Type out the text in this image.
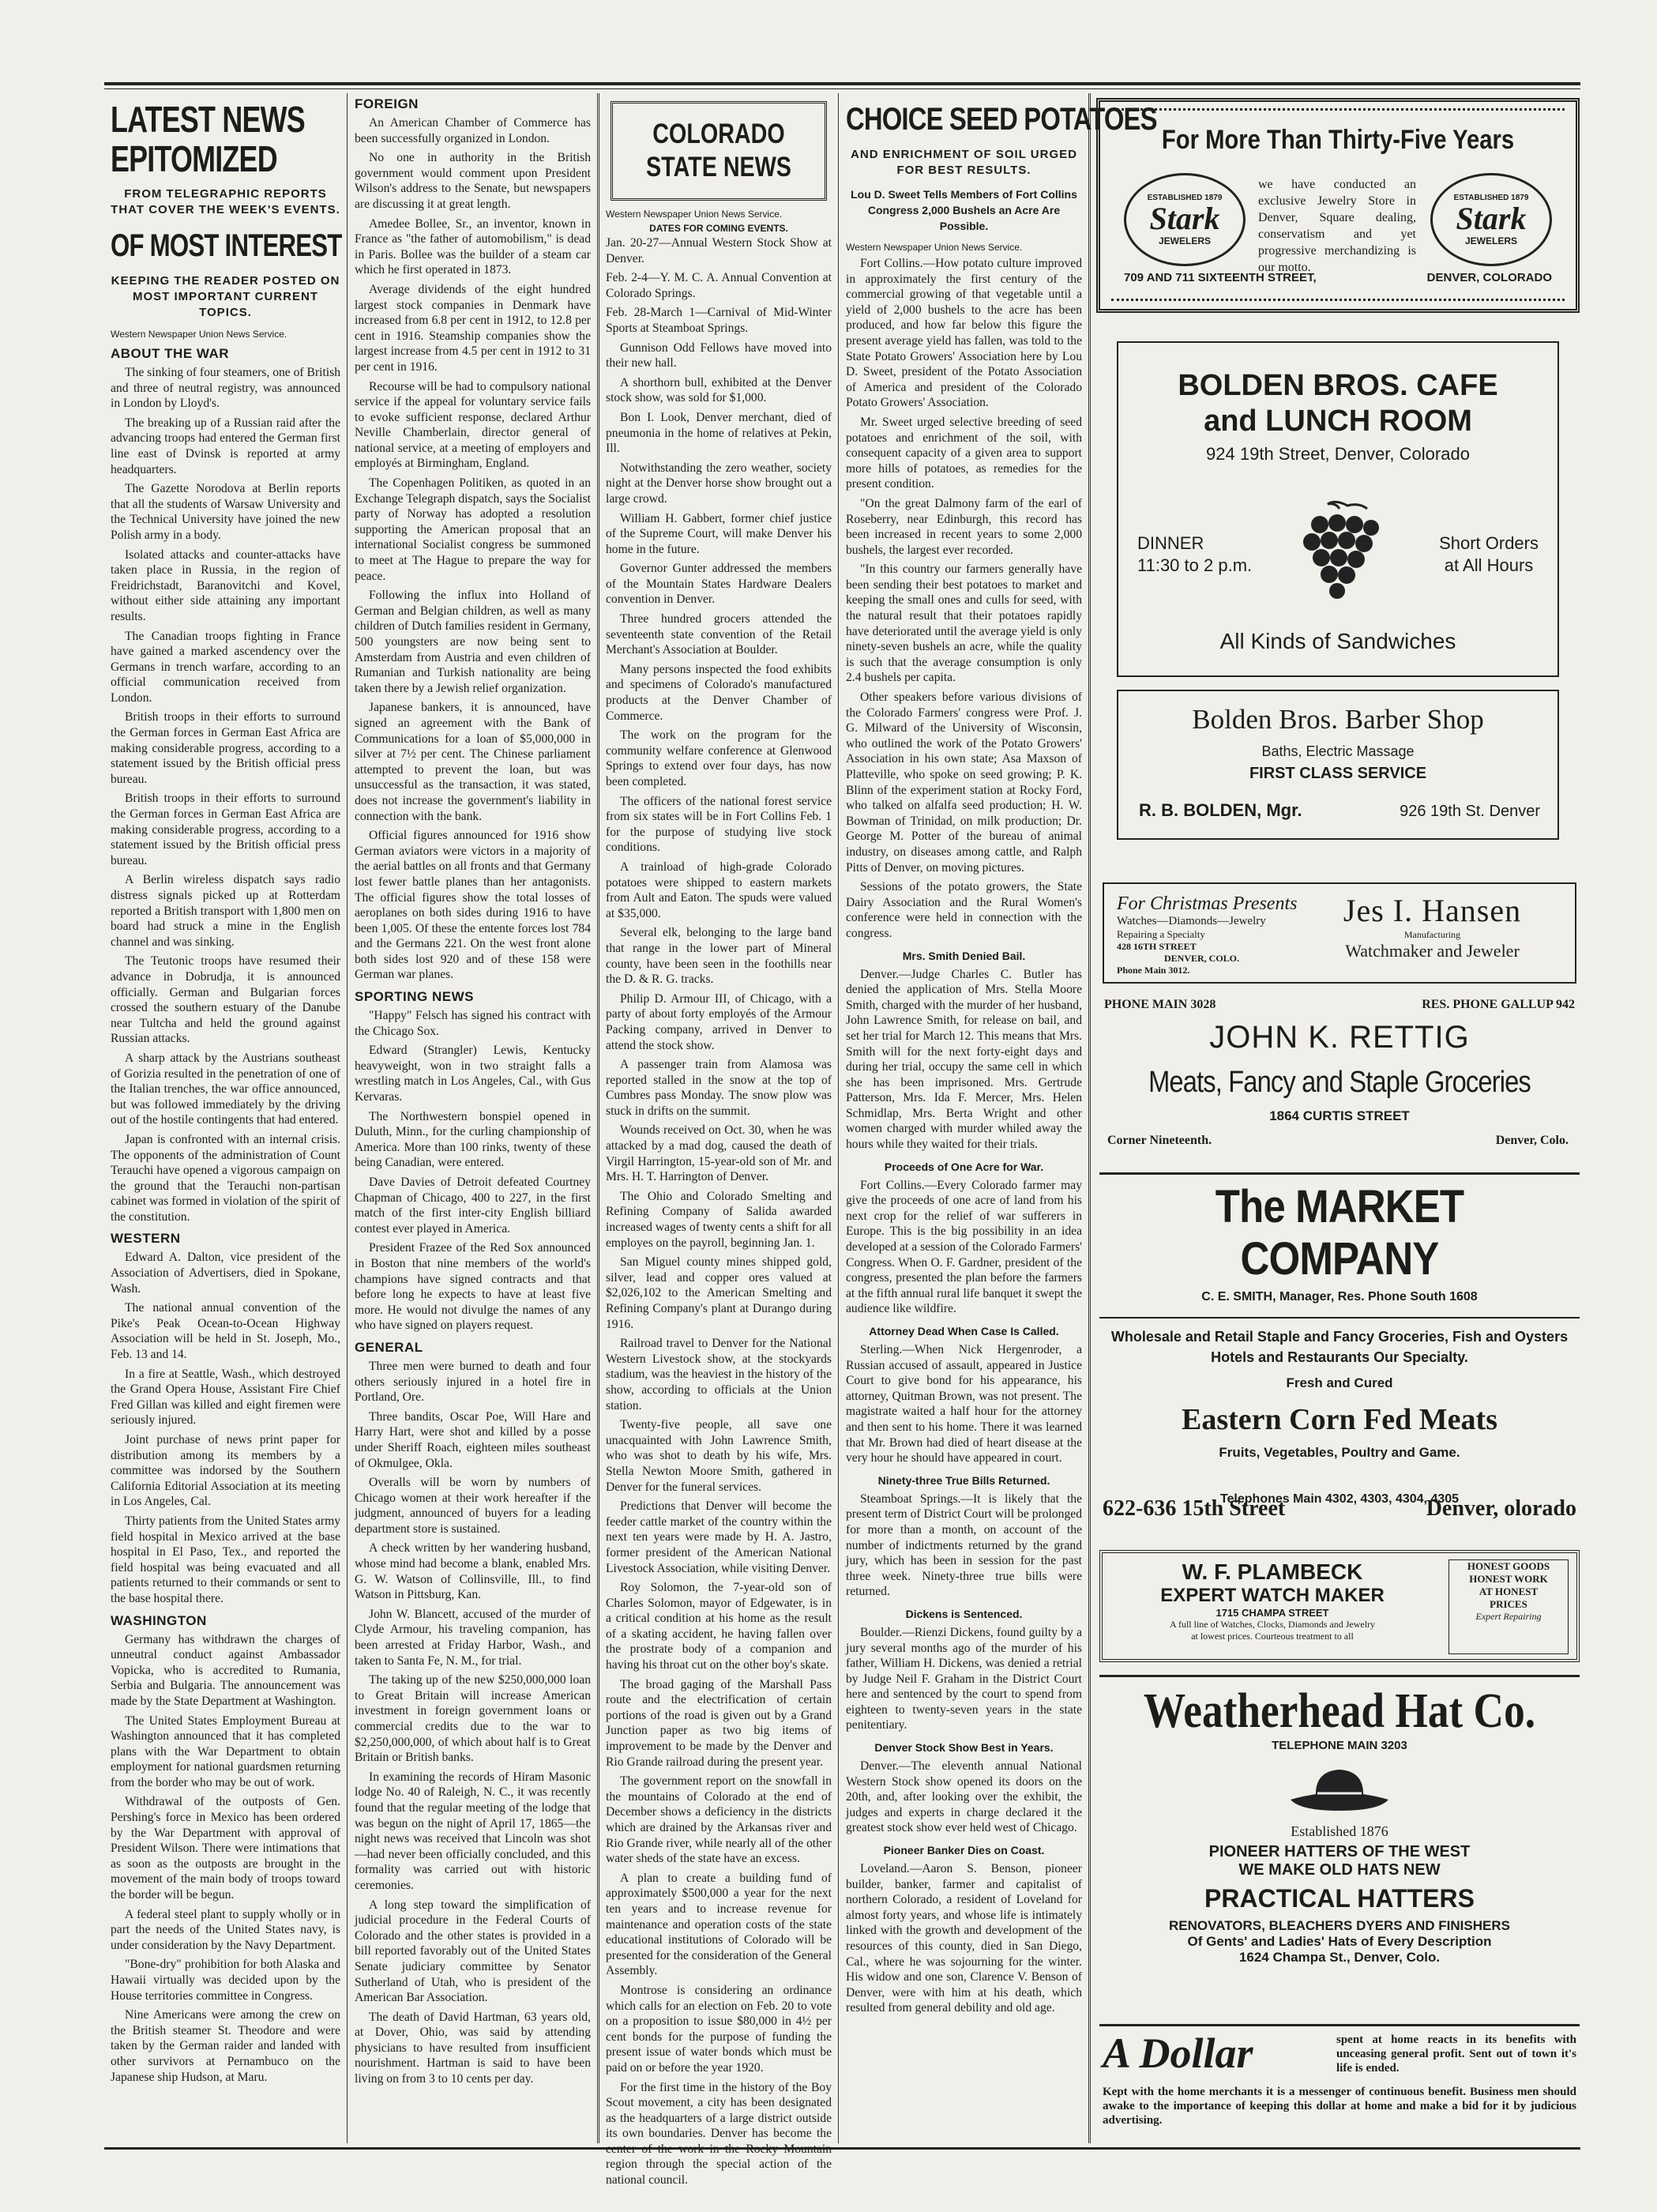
LATEST NEWS EPITOMIZED
FROM TELEGRAPHIC REPORTS THAT COVER THE WEEK'S EVENTS.
OF MOST INTEREST
KEEPING THE READER POSTED ON MOST IMPORTANT CURRENT TOPICS.
Western Newspaper Union News Service.
ABOUT THE WAR

The sinking of four steamers, one of British and three of neutral registry, was announced in London by Lloyd's.

The breaking up of a Russian raid after the advancing troops had entered the German first line east of Dvinsk is reported at army headquarters.

The Gazette Norodova at Berlin reports that all the students of Warsaw University and the Technical University have joined the new Polish army in a body.

Isolated attacks and counter-attacks have taken place in Russia, in the region of Freidrichstadt, Baranovitchi and Kovel, without either side attaining any important results.

The Canadian troops fighting in France have gained a marked ascendency over the Germans in trench warfare, according to an official communication received from London.

British troops in their efforts to surround the German forces in German East Africa are making considerable progress, according to a statement issued by the British official press bureau.

British troops in their efforts to surround the German forces in German East Africa are making considerable progress, according to a statement issued by the British official press bureau.

A Berlin wireless dispatch says radio distress signals picked up at Rotterdam reported a British transport with 1,800 men on board had struck a mine in the English channel and was sinking.

The Teutonic troops have resumed their advance in Dobrudja, it is announced officially. German and Bulgarian forces crossed the southern estuary of the Danube near Tultcha and held the ground against Russian attacks.

A sharp attack by the Austrians southeast of Gorizia resulted in the penetration of one of the Italian trenches, the war office announced, but was followed immediately by the driving out of the hostile contingents that had entered.

Japan is confronted with an internal crisis. The opponents of the administration of Count Terauchi have opened a vigorous campaign on the ground that the Terauchi non-partisan cabinet was formed in violation of the spirit of the constitution.

WESTERN

Edward A. Dalton, vice president of the Association of Advertisers, died in Spokane, Wash.

The national annual convention of the Pike's Peak Ocean-to-Ocean Highway Association will be held in St. Joseph, Mo., Feb. 13 and 14.

In a fire at Seattle, Wash., which destroyed the Grand Opera House, Assistant Fire Chief Fred Gillan was killed and eight firemen were seriously injured.

Joint purchase of news print paper for distribution among its members by a committee was indorsed by the Southern California Editorial Association at its meeting in Los Angeles, Cal.

Thirty patients from the United States army field hospital in Mexico arrived at the base hospital in El Paso, Tex., and reported the field hospital was being evacuated and all patients returned to their commands or sent to the base hospital there.

WASHINGTON

Germany has withdrawn the charges of unneutral conduct against Ambassador Vopicka, who is accredited to Rumania, Serbia and Bulgaria. The announcement was made by the State Department at Washington.

The United States Employment Bureau at Washington announced that it has completed plans with the War Department to obtain employment for national guardsmen returning from the border who may be out of work.

Withdrawal of the outposts of Gen. Pershing's force in Mexico has been ordered by the War Department with approval of President Wilson. There were intimations that as soon as the outposts are brought in the movement of the main body of troops toward the border will be begun.

A federal steel plant to supply wholly or in part the needs of the United States navy, is under consideration by the Navy Department.

"Bone-dry" prohibition for both Alaska and Hawaii virtually was decided upon by the House territories committee in Congress.

Nine Americans were among the crew on the British steamer St. Theodore and were taken by the German raider and landed with other survivors at Pernambuco on the Japanese ship Hudson, at Maru.

FOREIGN

An American Chamber of Commerce has been successfully organized in London.

No one in authority in the British government would comment upon President Wilson's address to the Senate, but newspapers are discussing it at great length.

Amedee Bollee, Sr., an inventor, known in France as "the father of automobilism," is dead in Paris. Bollee was the builder of a steam car which he first operated in 1873.

Average dividends of the eight hundred largest stock companies in Denmark have increased from 6.8 per cent in 1912, to 12.8 per cent in 1916. Steamship companies show the largest increase from 4.5 per cent in 1912 to 31 per cent in 1916.

Recourse will be had to compulsory national service if the appeal for voluntary service fails to evoke sufficient response, declared Arthur Neville Chamberlain, director general of national service, at a meeting of employers and employés at Birmingham, England.

The Copenhagen Politiken, as quoted in an Exchange Telegraph dispatch, says the Socialist party of Norway has adopted a resolution supporting the American proposal that an international Socialist congress be summoned to meet at The Hague to prepare the way for peace.

Following the influx into Holland of German and Belgian children, as well as many children of Dutch families resident in Germany, 500 youngsters are now being sent to Amsterdam from Austria and even children of Rumanian and Turkish nationality are being taken there by a Jewish relief organization.

Japanese bankers, it is announced, have signed an agreement with the Bank of Communications for a loan of $5,000,000 in silver at 7½ per cent. The Chinese parliament attempted to prevent the loan, but was unsuccessful as the transaction, it was stated, does not increase the government's liability in connection with the bank.

Official figures announced for 1916 show German aviators were victors in a majority of the aerial battles on all fronts and that Germany lost fewer battle planes than her antagonists. The official figures show the total losses of aeroplanes on both sides during 1916 to have been 1,005. Of these the entente forces lost 784 and the Germans 221. On the west front alone both sides lost 920 and of these 158 were German war planes.

SPORTING NEWS

"Happy" Felsch has signed his contract with the Chicago Sox.

Edward (Strangler) Lewis, Kentucky heavyweight, won in two straight falls a wrestling match in Los Angeles, Cal., with Gus Kervaras.

The Northwestern bonspiel opened in Duluth, Minn., for the curling championship of America. More than 100 rinks, twenty of these being Canadian, were entered.

Dave Davies of Detroit defeated Courtney Chapman of Chicago, 400 to 227, in the first match of the first inter-city English billiard contest ever played in America.

President Frazee of the Red Sox announced in Boston that nine members of the world's champions have signed contracts and that before long he expects to have at least five more. He would not divulge the names of any who have signed on players request.

GENERAL

Three men were burned to death and four others seriously injured in a hotel fire in Portland, Ore.

Three bandits, Oscar Poe, Will Hare and Harry Hart, were shot and killed by a posse under Sheriff Roach, eighteen miles southeast of Okmulgee, Okla.

Overalls will be worn by numbers of Chicago women at their work hereafter if the judgment, announced of buyers for a leading department store is sustained.

A check written by her wandering husband, whose mind had become a blank, enabled Mrs. G. W. Watson of Collinsville, Ill., to find Watson in Pittsburg, Kan.

John W. Blancett, accused of the murder of Clyde Armour, his traveling companion, has been arrested at Friday Harbor, Wash., and taken to Santa Fe, N. M., for trial.

The taking up of the new $250,000,000 loan to Great Britain will increase American investment in foreign government loans or commercial credits due to the war to $2,250,000,000, of which about half is to Great Britain or British banks.

In examining the records of Hiram Masonic lodge No. 40 of Raleigh, N. C., it was recently found that the regular meeting of the lodge that was begun on the night of April 17, 1865—the night news was received that Lincoln was shot—had never been officially concluded, and this formality was carried out with historic ceremonies.

A long step toward the simplification of judicial procedure in the Federal Courts of Colorado and the other states is provided in a bill reported favorably out of the United States Senate judiciary committee by Senator Sutherland of Utah, who is president of the American Bar Association.

The death of David Hartman, 63 years old, at Dover, Ohio, was said by attending physicians to have resulted from insufficient nourishment. Hartman is said to have been living on from 3 to 10 cents per day.

COLORADO
STATE NEWS
Western Newspaper Union News Service.
DATES FOR COMING EVENTS.

Jan. 20-27—Annual Western Stock Show at Denver.

Feb. 2-4—Y. M. C. A. Annual Convention at Colorado Springs.

Feb. 28-March 1—Carnival of Mid-Winter Sports at Steamboat Springs.

Gunnison Odd Fellows have moved into their new hall.

A shorthorn bull, exhibited at the Denver stock show, was sold for $1,000.

Bon I. Look, Denver merchant, died of pneumonia in the home of relatives at Pekin, Ill.

Notwithstanding the zero weather, society night at the Denver horse show brought out a large crowd.

William H. Gabbert, former chief justice of the Supreme Court, will make Denver his home in the future.

Governor Gunter addressed the members of the Mountain States Hardware Dealers convention in Denver.

Three hundred grocers attended the seventeenth state convention of the Retail Merchant's Association at Boulder.

Many persons inspected the food exhibits and specimens of Colorado's manufactured products at the Denver Chamber of Commerce.

The work on the program for the community welfare conference at Glenwood Springs to extend over four days, has now been completed.

The officers of the national forest service from six states will be in Fort Collins Feb. 1 for the purpose of studying live stock conditions.

A trainload of high-grade Colorado potatoes were shipped to eastern markets from Ault and Eaton. The spuds were valued at $35,000.

Several elk, belonging to the large band that range in the lower part of Mineral county, have been seen in the foothills near the D. & R. G. tracks.

Philip D. Armour III, of Chicago, with a party of about forty employés of the Armour Packing company, arrived in Denver to attend the stock show.

A passenger train from Alamosa was reported stalled in the snow at the top of Cumbres pass Monday. The snow plow was stuck in drifts on the summit.

Wounds received on Oct. 30, when he was attacked by a mad dog, caused the death of Virgil Harrington, 15-year-old son of Mr. and Mrs. H. T. Harrington of Denver.

The Ohio and Colorado Smelting and Refining Company of Salida awarded increased wages of twenty cents a shift for all employes on the payroll, beginning Jan. 1.

San Miguel county mines shipped gold, silver, lead and copper ores valued at $2,026,102 to the American Smelting and Refining Company's plant at Durango during 1916.

Railroad travel to Denver for the National Western Livestock show, at the stockyards stadium, was the heaviest in the history of the show, according to officials at the Union station.

Twenty-five people, all save one unacquainted with John Lawrence Smith, who was shot to death by his wife, Mrs. Stella Newton Moore Smith, gathered in Denver for the funeral services.

Predictions that Denver will become the feeder cattle market of the country within the next ten years were made by H. A. Jastro, former president of the American National Livestock Association, while visiting Denver.

Roy Solomon, the 7-year-old son of Charles Solomon, mayor of Edgewater, is in a critical condition at his home as the result of a skating accident, he having fallen over the prostrate body of a companion and having his throat cut on the other boy's skate.

The broad gaging of the Marshall Pass route and the electrification of certain portions of the road is given out by a Grand Junction paper as two big items of improvement to be made by the Denver and Rio Grande railroad during the present year.

The government report on the snowfall in the mountains of Colorado at the end of December shows a deficiency in the districts which are drained by the Arkansas river and Rio Grande river, while nearly all of the other water sheds of the state have an excess.

A plan to create a building fund of approximately $500,000 a year for the next ten years and to increase revenue for maintenance and operation costs of the state educational institutions of Colorado will be presented for the consideration of the General Assembly.

Montrose is considering an ordinance which calls for an election on Feb. 20 to vote on a proposition to issue $80,000 in 4½ per cent bonds for the purpose of funding the present issue of water bonds which must be paid on or before the year 1920.

For the first time in the history of the Boy Scout movement, a city has been designated as the headquarters of a large district outside its own boundaries. Denver has become the center of the work in the Rocky Mountain region through the special action of the national council.

CHOICE SEED POTATOES
AND ENRICHMENT OF SOIL URGED FOR BEST RESULTS.
Lou D. Sweet Tells Members of Fort Collins Congress 2,000 Bushels an Acre Are Possible.
Western Newspaper Union News Service.

Fort Collins.—How potato culture improved in approximately the first century of the commercial growing of that vegetable until a yield of 2,000 bushels to the acre has been produced, and how far below this figure the present average yield has fallen, was told to the State Potato Growers' Association here by Lou D. Sweet, president of the Potato Association of America and president of the Colorado Potato Growers' Association.

Mr. Sweet urged selective breeding of seed potatoes and enrichment of the soil, with consequent capacity of a given area to support more hills of potatoes, as remedies for the present condition.

"On the great Dalmony farm of the earl of Roseberry, near Edinburgh, this record has been increased in recent years to some 2,000 bushels, the largest ever recorded.

"In this country our farmers generally have been sending their best potatoes to market and keeping the small ones and culls for seed, with the natural result that their potatoes rapidly have deteriorated until the average yield is only ninety-seven bushels an acre, while the quality is such that the average consumption is only 2.4 bushels per capita.

Other speakers before various divisions of the Colorado Farmers' congress were Prof. J. G. Milward of the University of Wisconsin, who outlined the work of the Potato Growers' Association in his own state; Asa Maxson of Platteville, who spoke on seed growing; P. K. Blinn of the experiment station at Rocky Ford, who talked on alfalfa seed production; H. W. Bowman of Trinidad, on milk production; Dr. George M. Potter of the bureau of animal industry, on diseases among cattle, and Ralph Pitts of Denver, on moving pictures.

Sessions of the potato growers, the State Dairy Association and the Rural Women's conference were held in connection with the congress.

Mrs. Smith Denied Bail.

Denver.—Judge Charles C. Butler has denied the application of Mrs. Stella Moore Smith, charged with the murder of her husband, John Lawrence Smith, for release on bail, and set her trial for March 12. This means that Mrs. Smith will for the next forty-eight days and during her trial, occupy the same cell in which she has been imprisoned. Mrs. Gertrude Patterson, Mrs. Ida F. Mercer, Mrs. Helen Schmidlap, Mrs. Berta Wright and other women charged with murder whiled away the hours while they waited for their trials.

Proceeds of One Acre for War.

Fort Collins.—Every Colorado farmer may give the proceeds of one acre of land from his next crop for the relief of war sufferers in Europe. This is the big possibility in an idea developed at a session of the Colorado Farmers' Congress. When O. F. Gardner, president of the congress, presented the plan before the farmers at the fifth annual rural life banquet it swept the audience like wildfire.

Attorney Dead When Case Is Called.

Sterling.—When Nick Hergenroder, a Russian accused of assault, appeared in Justice Court to give bond for his appearance, his attorney, Quitman Brown, was not present. The magistrate waited a half hour for the attorney and then sent to his home. There it was learned that Mr. Brown had died of heart disease at the very hour he should have appeared in court.

Ninety-three True Bills Returned.

Steamboat Springs.—It is likely that the present term of District Court will be prolonged for more than a month, on account of the number of indictments returned by the grand jury, which has been in session for the past three week. Ninety-three true bills were returned.

Dickens is Sentenced.

Boulder.—Rienzi Dickens, found guilty by a jury several months ago of the murder of his father, William H. Dickens, was denied a retrial by Judge Neil F. Graham in the District Court here and sentenced by the court to spend from eighteen to twenty-seven years in the state penitentiary.

Denver Stock Show Best in Years.

Denver.—The eleventh annual National Western Stock show opened its doors on the 20th, and, after looking over the exhibit, the judges and experts in charge declared it the greatest stock show ever held west of Chicago.

Pioneer Banker Dies on Coast.

Loveland.—Aaron S. Benson, pioneer builder, banker, farmer and capitalist of northern Colorado, a resident of Loveland for almost forty years, and whose life is intimately linked with the growth and development of the resources of this county, died in San Diego, Cal., where he was sojourning for the winter. His widow and one son, Clarence V. Benson of Denver, were with him at his death, which resulted from general debility and old age.

For More Than Thirty-Five Years
ESTABLISHED 1879
Stark
JEWELERS
we have conducted an exclusive Jewelry Store in Denver, Square dealing, conservatism and yet progressive merchandizing is our motto.
ESTABLISHED 1879
Stark
JEWELERS
709 AND 711 SIXTEENTH STREET,	DENVER, COLORADO
BOLDEN BROS. CAFE
and LUNCH ROOM
924 19th Street, Denver, Colorado
DINNER
11:30 to 2 p.m.
Short Orders
at All Hours
All Kinds of Sandwiches
Bolden Bros. Barber Shop
Baths, Electric Massage
FIRST CLASS SERVICE
R. B. BOLDEN, Mgr.	926 19th St. Denver
For Christmas Presents
Watches—Diamonds—Jewelry
Repairing a Specialty
428 16TH STREET
DENVER, COLO.
Phone Main 3012.
Jes I. Hansen
Manufacturing
Watchmaker and Jeweler
PHONE MAIN 3028	RES. PHONE GALLUP 942
JOHN K. RETTIG
Meats, Fancy and Staple Groceries
1864 CURTIS STREET
Corner Nineteenth.	Denver, Colo.
The MARKET COMPANY
C. E. SMITH, Manager, Res. Phone South 1608
Wholesale and Retail Staple and Fancy Groceries, Fish and Oysters
Hotels and Restaurants Our Specialty.
Fresh and Cured
Eastern Corn Fed Meats
Fruits, Vegetables, Poultry and Game.
Telephones Main 4302, 4303, 4304, 4305
622-636 15th Street	Denver, olorado
W. F. PLAMBECK
EXPERT WATCH MAKER
1715 CHAMPA STREET
A full line of Watches, Clocks, Diamonds and Jewelry
at lowest prices. Courteous treatment to all
HONEST GOODS
HONEST WORK
AT HONEST
PRICES
Expert Repairing
Weatherhead Hat Co.
TELEPHONE MAIN 3203
Established 1876
PIONEER HATTERS OF THE WEST
WE MAKE OLD HATS NEW
PRACTICAL HATTERS
RENOVATORS, BLEACHERS DYERS AND FINISHERS
Of Gents' and Ladies' Hats of Every Description
1624 Champa St., Denver, Colo.
A Dollar	spent at home reacts in its benefits with unceasing general profit. Sent out of town it's life is ended.
Kept with the home merchants it is a messenger of continuous benefit. Business men should awake to the importance of keeping this dollar at home and make a bid for it by judicious advertising.
